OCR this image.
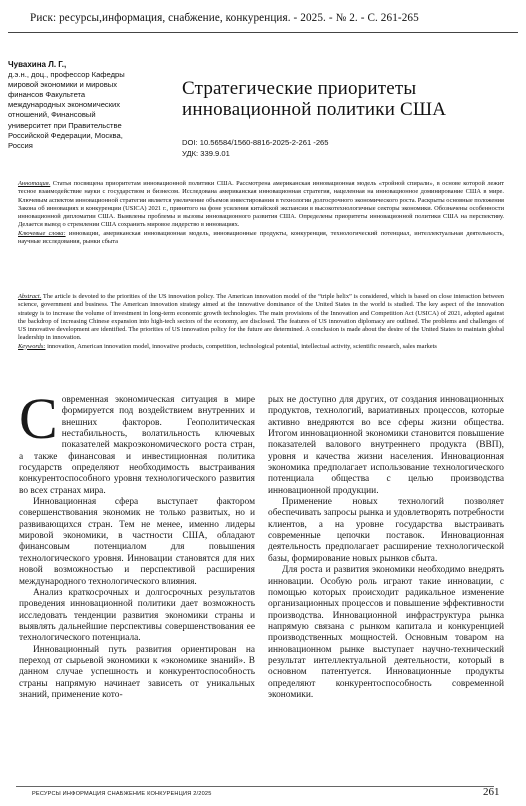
Риск: ресурсы,информация, снабжение, конкуренция. - 2025. - № 2. - С. 261-265
Чувахина Л. Г.,
д.э.н., доц., профессор Кафедры
мировой экономики и мировых
финансов Факультета
международных экономических
отношений, Финансовый
университет при Правительстве
Российской Федерации, Москва,
Россия
Стратегические приоритеты
инновационной политики США
DOI: 10.56584/1560-8816-2025-2-261 -265
УДК: 339.9.01

Аннотация. Статья посвящена приоритетам инновационной политики США. Рассмотрена американская инновационная модель «тройной спирали», в основе которой лежит тесное взаимодействие науки с государством и бизнесом. Исследована американская инновационная стратегия, нацеленная на инновационное доминирование США в мире. Ключевым аспектом инновационной стратегии является увеличение объемов инвестирования в технологии долгосрочного экономического роста. Раскрыты основные положения Закона об инновациях и конкуренции (USICA) 2021 г., принятого на фоне усиления китайской экспансии в высокотехнологичные секторы экономики. Обозначены особенности инновационной дипломатии США. Выявлены проблемы и вызовы инновационного развития США. Определены приоритеты инновационной политики США на перспективу. Делается вывод о стремлении США сохранить мировое лидерство в инновациях.

Ключевые слова: инновации, американская инновационная модель, инновационные продукты, конкуренция, технологический потенциал, интеллектуальная деятельность, научные исследования, рынки сбыта

Abstract. The article is devoted to the priorities of the US innovation policy. The American innovation model of the “triple helix” is considered, which is based on close interaction between science, government and business. The American innovation strategy aimed at the innovative dominance of the United States in the world is studied. The key aspect of the innovation strategy is to increase the volume of investment in long-term economic growth technologies. The main provisions of the Innovation and Competition Act (USICA) of 2021, adopted against the backdrop of increasing Chinese expansion into high-tech sectors of the economy, are disclosed. The features of US innovation diplomacy are outlined. The problems and challenges of US innovative development are identified. The priorities of US innovation policy for the future are determined. A conclusion is made about the desire of the United States to maintain global leadership in innovation.

Keywords: innovation, American innovation model, innovative products, competition, technological potential, intellectual activity, scientific research, sales markets

Современная экономическая ситуация в мире формируется под воздействием внутренних и внешних факторов. Геополитическая нестабильность, волатильность ключевых показателей макроэкономического роста стран, а также финансовая и инвестиционная политика государств определяют необходимость выстраивания конкурентоспособного уровня технологического развития во всех странах мира.

Инновационная сфера выступает фактором совершенствования экономик не только развитых, но и развивающихся стран. Тем не менее, именно лидеры мировой экономики, в частности США, обладают финансовым потенциалом для повышения технологического уровня. Инновации становятся для них новой возможностью и перспективой расширения международного технологического влияния.

Анализ краткосрочных и долгосрочных результатов проведения инновационной политики дает возможность исследовать тенденции развития экономики страны и выявлять дальнейшие перспективы совершенствования ее технологического потенциала.

Инновационный путь развития ориентирован на переход от сырьевой экономики к «экономике знаний». В данном случае успешность и конкурентоспособность страны напрямую начинает зависеть от уникальных знаний, применение кото-

рых не доступно для других, от создания инновационных продуктов, технологий, вариативных процессов, которые активно внедряются во все сферы жизни общества. Итогом инновационной экономики становится повышение показателей валового внутреннего продукта (ВВП), уровня и качества жизни населения. Инновационная экономика предполагает использование технологического потенциала общества с целью производства инновационной продукции.

Применение новых технологий позволяет обеспечивать запросы рынка и удовлетворять потребности клиентов, а на уровне государства выстраивать современные цепочки поставок. Инновационная деятельность предполагает расширение технологической базы, формирование новых рынков сбыта.

Для роста и развития экономики необходимо внедрять инновации. Особую роль играют такие инновации, с помощью которых происходит радикальное изменение организационных процессов и повышение эффективности производства. Инновационной инфраструктура рынка напрямую связана с рынком капитала и конкуренцией производственных мощностей. Основным товаром на инновационном рынке выступает научно-технический результат интеллектуальной деятельности, который в основном патентуется. Инновационные продукты определяют конкурентоспособность современной экономики.

РЕСУРСЫ ИНФОРМАЦИЯ СНАБЖЕНИЕ КОНКУРЕНЦИЯ 2/2025	261
